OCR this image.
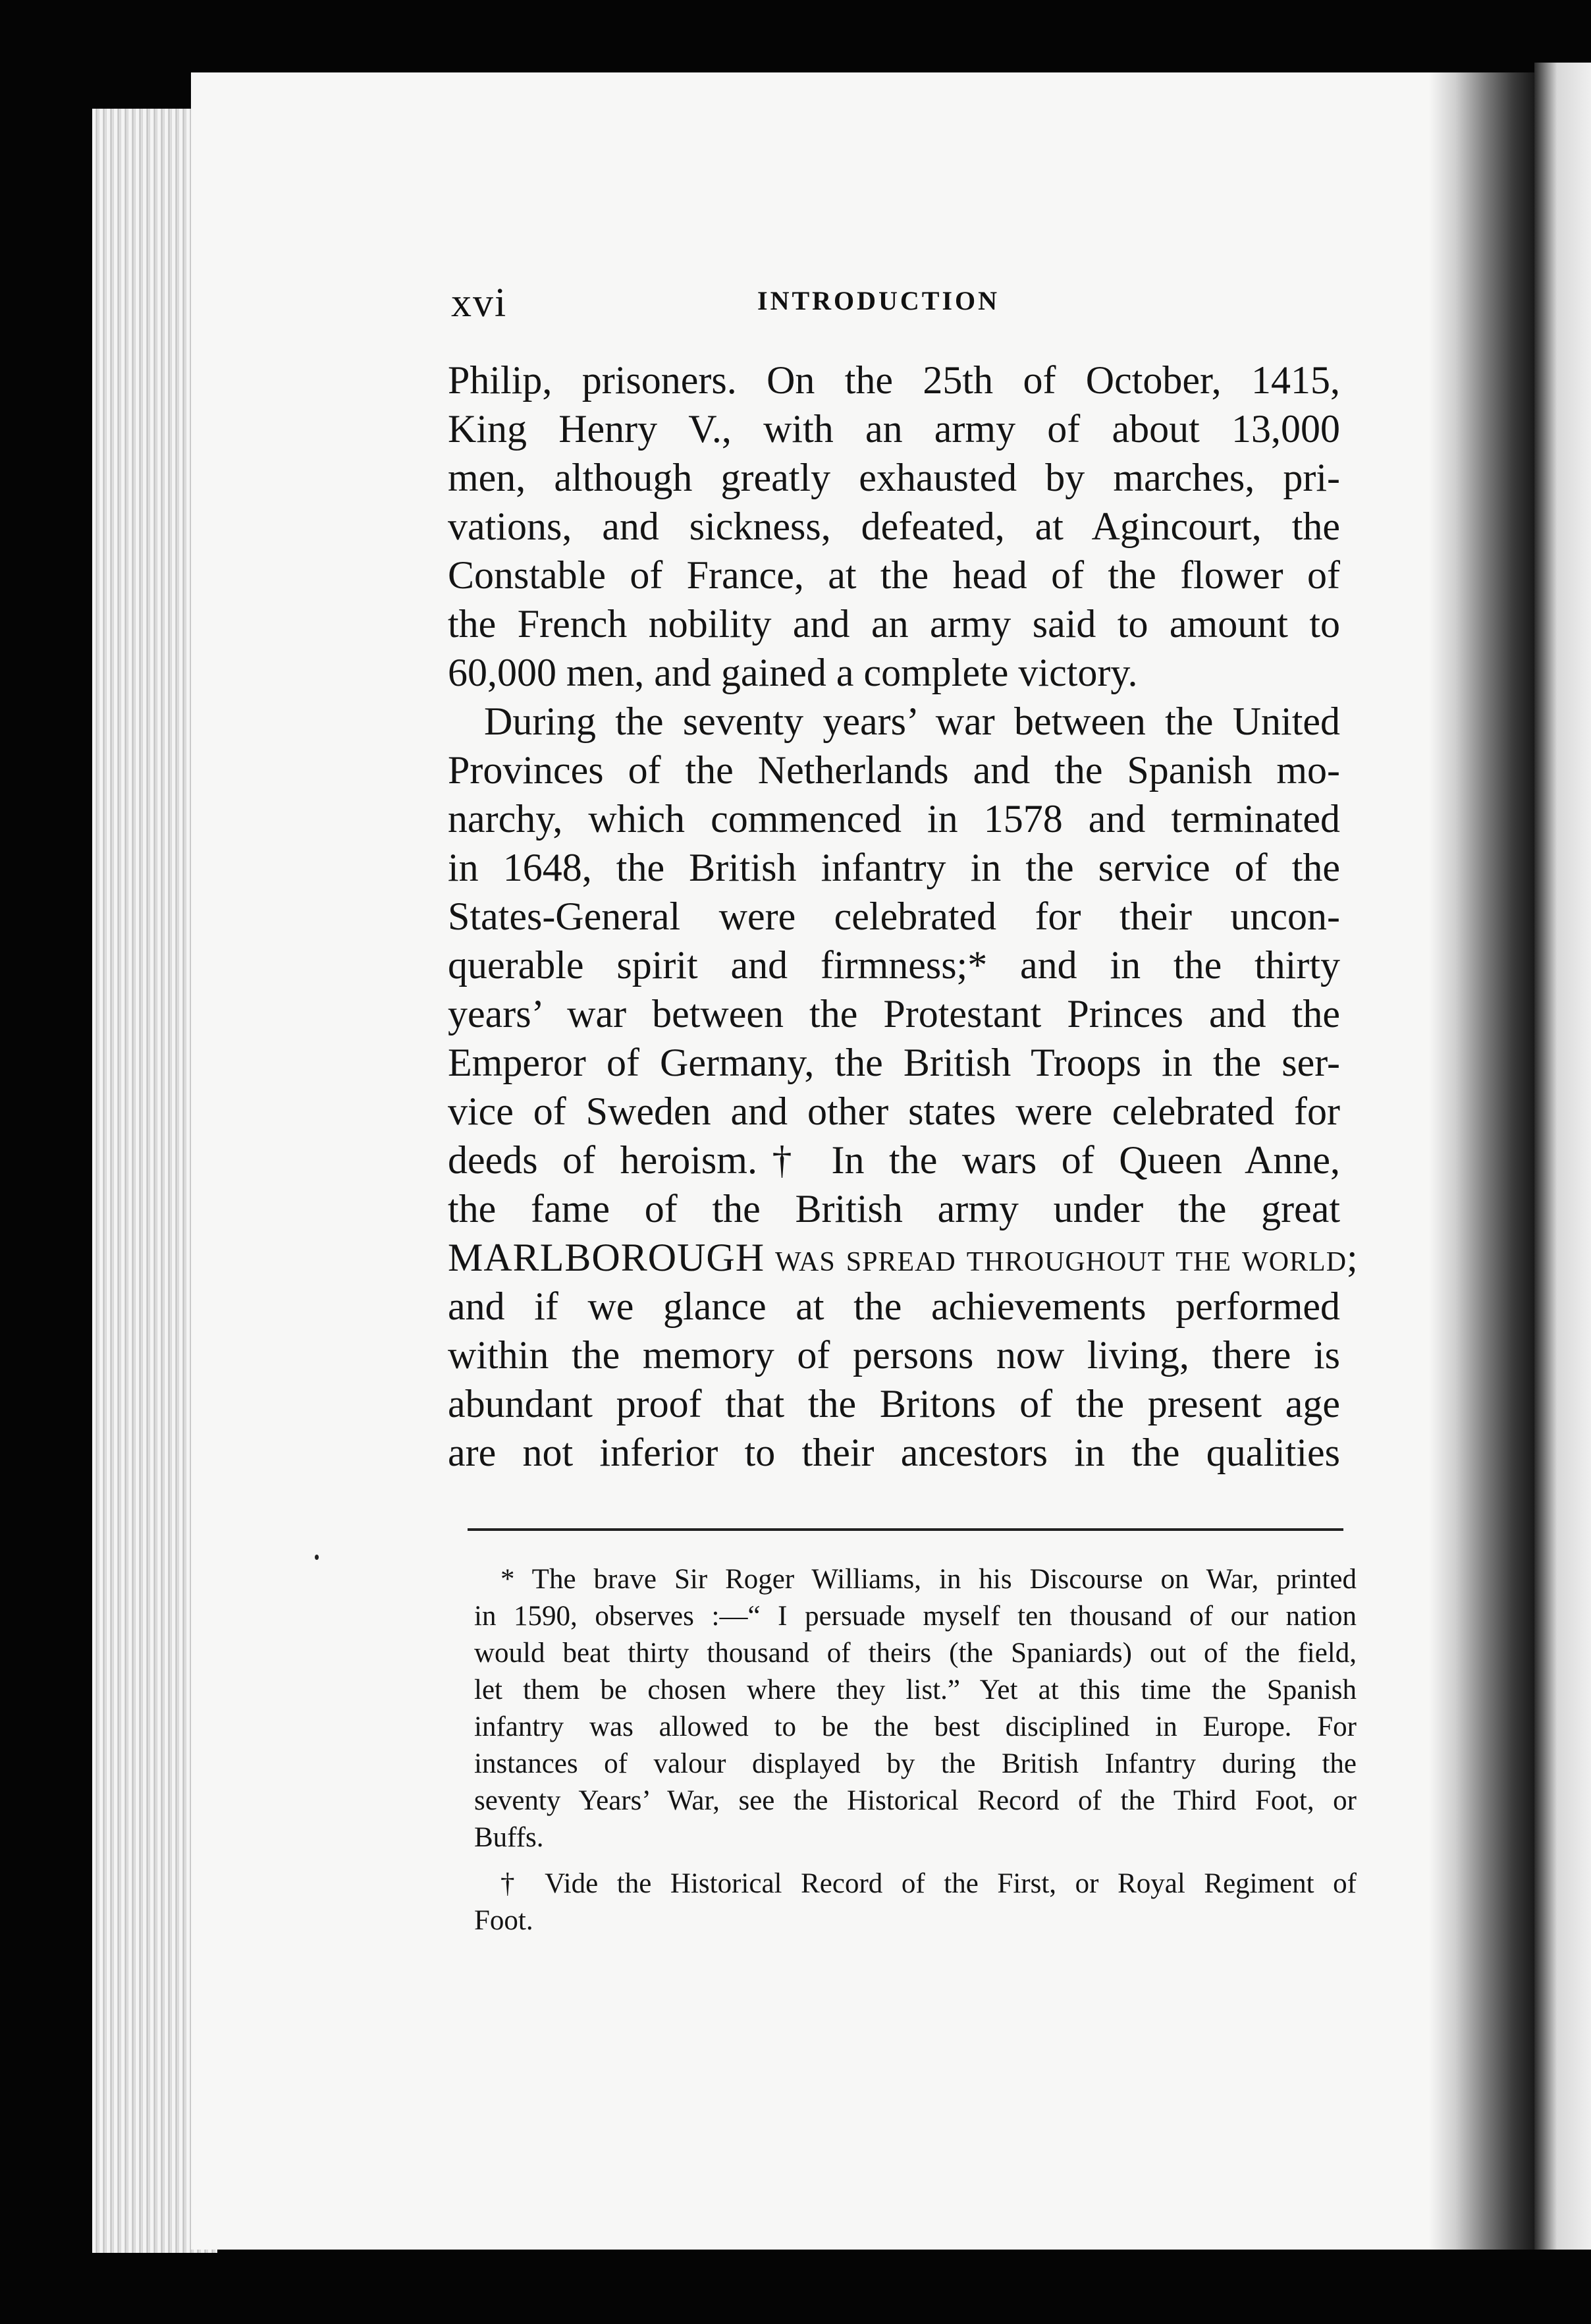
xvi	INTRODUCTION
Philip, prisoners. On the 25th of October, 1415,
King Henry V., with an army of about 13,000
men, although greatly exhausted by marches, pri-
vations, and sickness, defeated, at Agincourt, the
Constable of France, at the head of the flower of
the French nobility and an army said to amount to
60,000 men, and gained a complete victory.
During the seventy years’ war between the United
Provinces of the Netherlands and the Spanish mo-
narchy, which commenced in 1578 and terminated
in 1648, the British infantry in the service of the
States-General were celebrated for their uncon-
querable spirit and firmness;* and in the thirty
years’ war between the Protestant Princes and the
Emperor of Germany, the British Troops in the ser-
vice of Sweden and other states were celebrated for
deeds of heroism.† In the wars of Queen Anne,
the fame of the British army under the great
MARLBOROUGH was spread throughout the world;
and if we glance at the achievements performed
within the memory of persons now living, there is
abundant proof that the Britons of the present age
are not inferior to their ancestors in the qualities
* The brave Sir Roger Williams, in his Discourse on War, printed
in 1590, observes :—“ I persuade myself ten thousand of our nation
would beat thirty thousand of theirs (the Spaniards) out of the field,
let them be chosen where they list.” Yet at this time the Spanish
infantry was allowed to be the best disciplined in Europe. For
instances of valour displayed by the British Infantry during the
seventy Years’ War, see the Historical Record of the Third Foot, or
Buffs.
† Vide the Historical Record of the First, or Royal Regiment of
Foot.
